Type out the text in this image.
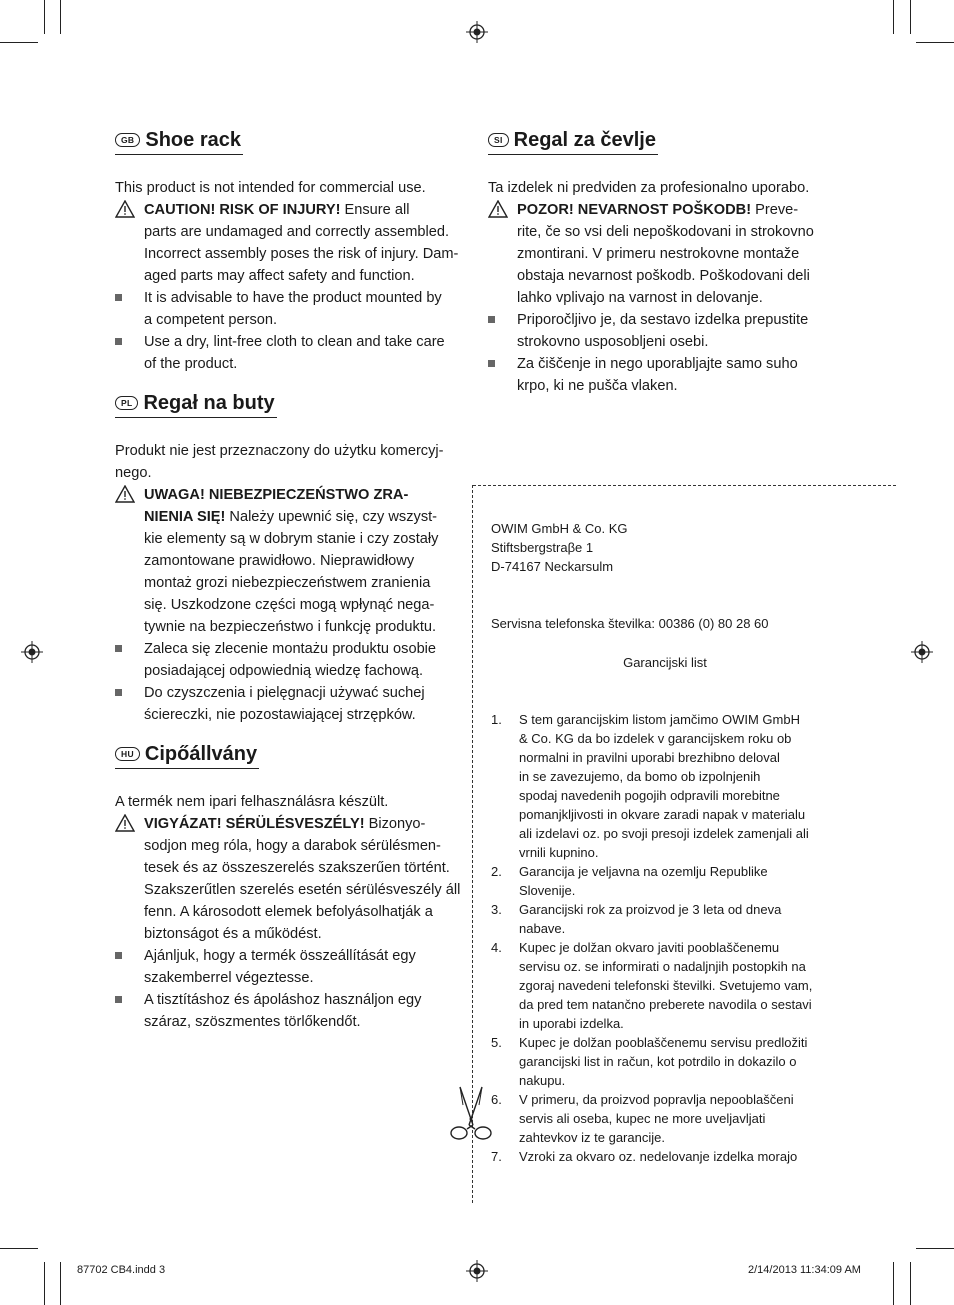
GB Shoe rack

This product is not intended for commercial use.

CAUTION! RISK OF INJURY! Ensure all
parts are undamaged and correctly assembled.
Incorrect assembly poses the risk of injury. Dam-
aged parts may affect safety and function.
It is advisable to have the product mounted by
a competent person.
Use a dry, lint-free cloth to clean and take care
of the product.
PL Regał na buty
Produkt nie jest przeznaczony do użytku komercyj-
nego.
UWAGA! NIEBEZPIECZEŃSTWO ZRA-
NIENIA SIĘ! Należy upewnić się, czy wszyst-
kie elementy są w dobrym stanie i czy zostały
zamontowane prawidłowo. Nieprawidłowy
montaż grozi niebezpieczeństwem zranienia
się. Uszkodzone części mogą wpłynąć nega-
tywnie na bezpieczeństwo i funkcję produktu.
Zaleca się zlecenie montażu produktu osobie
posiadającej odpowiednią wiedzę fachową.
Do czyszczenia i pielęgnacji używać suchej
ściereczki, nie pozostawiającej strzępków.
HU Cipőállvány
A termék nem ipari felhasználásra készült.
VIGYÁZAT! SÉRÜLÉSVESZÉLY! Bizonyo-
sodjon meg róla, hogy a darabok sérülésmen-
tesek és az összeszerelés szakszerűen történt.
Szakszerűtlen szerelés esetén sérülésveszély áll
fenn. A károsodott elemek befolyásolhatják a
biztonságot és a működést.
Ajánljuk, hogy a termék összeállítását egy
szakemberrel végeztesse.
A tisztításhoz és ápoláshoz használjon egy
száraz, szöszmentes törlőkendőt.
SI Regal za čevlje
Ta izdelek ni predviden za profesionalno uporabo.
POZOR! NEVARNOST POŠKODB! Preve-
rite, če so vsi deli nepoškodovani in strokovno
zmontirani. V primeru nestrokovne montaže
obstaja nevarnost poškodb. Poškodovani deli
lahko vplivajo na varnost in delovanje.
Priporočljivo je, da sestavo izdelka prepustite
strokovno usposobljeni osebi.
Za čiščenje in nego uporabljajte samo suho
krpo, ki ne pušča vlaken.
OWIM GmbH & Co. KG
Stiftsbergstraβe 1
D-74167 Neckarsulm
Servisna telefonska številka: 00386 (0) 80 28 60
Garancijski list
1. S tem garancijskim listom jamčimo OWIM GmbH
& Co. KG da bo izdelek v garancijskem roku ob
normalni in pravilni uporabi brezhibno deloval
in se zavezujemo, da bomo ob izpolnjenih
spodaj navedenih pogojih odpravili morebitne
pomanjkljivosti in okvare zaradi napak v materialu
ali izdelavi oz. po svoji presoji izdelek zamenjali ali
vrnili kupnino.
2. Garancija je veljavna na ozemlju Republike
Slovenije.
3. Garancijski rok za proizvod je 3 leta od dneva
nabave.
4. Kupec je dolžan okvaro javiti pooblaščenemu
servisu oz. se informirati o nadaljnjih postopkih na
zgoraj navedeni telefonski številki. Svetujemo vam,
da pred tem natančno preberete navodila o sestavi
in uporabi izdelka.
5. Kupec je dolžan pooblaščenemu servisu predložiti
garancijski list in račun, kot potrdilo in dokazilo o
nakupu.
6. V primeru, da proizvod popravlja nepooblaščeni
servis ali oseba, kupec ne more uveljavljati
zahtevkov iz te garancije.
7. Vzroki za okvaro oz. nedelovanje izdelka morajo
87702 CB4.indd 3	2/14/2013 11:34:09 AM
